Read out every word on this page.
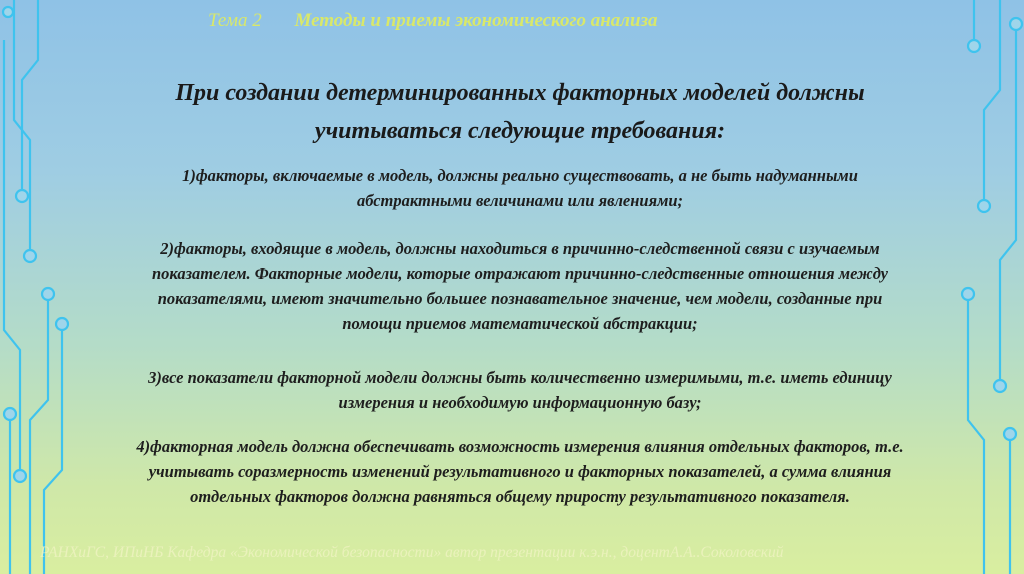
Тема 2 Методы и приемы экономического анализа
При создании детерминированных факторных моделей должны
учитываться следующие требования:
1)факторы, включаемые в модель, должны реально существовать, а не быть надуманными
абстрактными величинами или явлениями;
2)факторы, входящие в модель, должны находиться в причинно-следственной связи с изучаемым
показателем. Факторные модели, которые отражают причинно-следственные отношения между
показателями, имеют значительно большее познавательное значение, чем модели, созданные при
помощи приемов математической абстракции;
3)все показатели факторной модели должны быть количественно измеримыми, т.е. иметь единицу
измерения и необходимую информационную базу;
4)факторная модель должна обеспечивать возможность измерения влияния отдельных факторов, т.е.
учитывать соразмерность изменений результативного и факторных показателей, а сумма влияния
отдельных факторов должна равняться общему приросту результативного показателя.
РАНХиГС, ИПиНБ Кафедра «Экономической безопасности» автор презентации к.э.н., доцентА.А..Соколовский
